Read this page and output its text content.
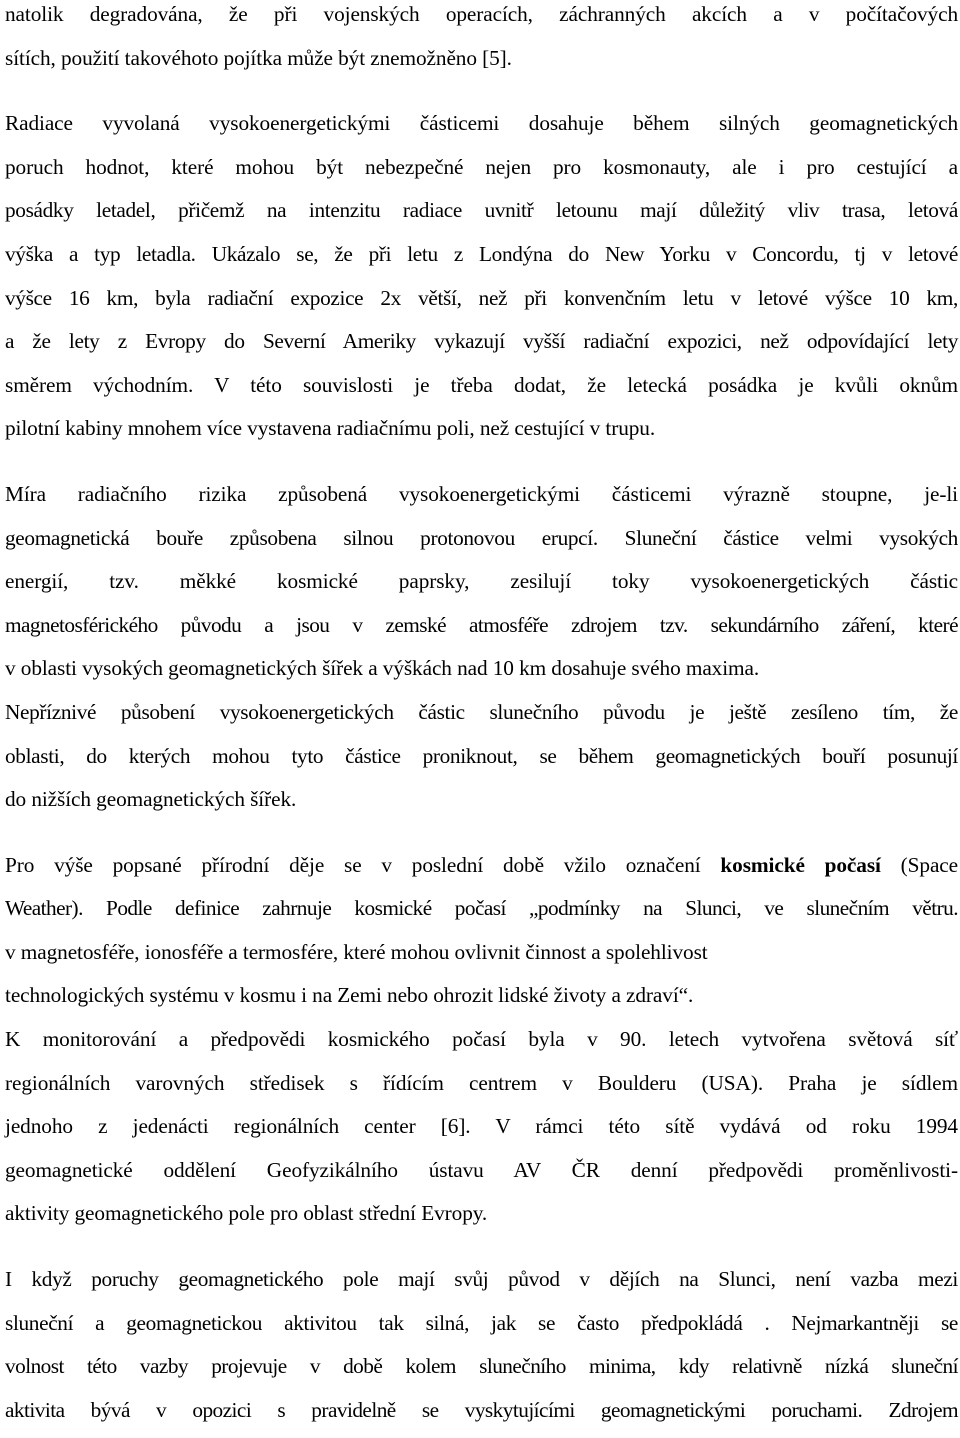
natolik degradována, že při vojenských operacích, záchranných akcích a v počítačových
sítích, použití takovéhoto pojítka může být znemožněno [5].
Radiace vyvolaná vysokoenergetickými částicemi dosahuje během silných geomagnetických
poruch hodnot, které mohou být nebezpečné nejen pro kosmonauty, ale i pro cestující a
posádky letadel, přičemž na intenzitu radiace uvnitř letounu mají důležitý vliv trasa, letová
výška a typ letadla. Ukázalo se, že při letu z Londýna do New Yorku v Concordu, tj v letové
výšce 16 km, byla radiační expozice 2x větší, než při konvenčním letu v letové výšce 10 km,
a že lety z Evropy do Severní Ameriky vykazují vyšší radiační expozici, než odpovídající lety
směrem východním. V této souvislosti je třeba dodat, že letecká posádka je kvůli oknům
pilotní kabiny mnohem více vystavena radiačnímu poli, než cestující v trupu.
Míra radiačního rizika způsobená vysokoenergetickými částicemi výrazně stoupne, je-li
geomagnetická bouře způsobena silnou protonovou erupcí. Sluneční částice velmi vysokých
energií, tzv. měkké kosmické paprsky, zesilují toky vysokoenergetických částic
magnetosférického původu a jsou v zemské atmosféře zdrojem tzv. sekundárního záření, které
v oblasti vysokých geomagnetických šířek a výškách nad 10 km dosahuje svého maxima.
Nepříznivé působení vysokoenergetických částic slunečního původu je ještě zesíleno tím, že
oblasti, do kterých mohou tyto částice proniknout, se během geomagnetických bouří posunují
do nižších geomagnetických šířek.
Pro výše popsané přírodní děje se v poslední době vžilo označení kosmické počasí (Space
Weather). Podle definice zahrnuje kosmické počasí „podmínky na Slunci, ve slunečním větru.
v magnetosféře, ionosféře a termosfére, které mohou ovlivnit činnost a spolehlivost
technologických systému v kosmu i na Zemi nebo ohrozit lidské životy a zdraví“.
K monitorování a předpovědi kosmického počasí byla v 90. letech vytvořena světová síť
regionálních varovných středisek s řídícím centrem v Boulderu (USA). Praha je sídlem
jednoho z jedenácti regionálních center [6]. V rámci této sítě vydává od roku 1994
geomagnetické oddělení Geofyzikálního ústavu AV ČR denní předpovědi proměnlivosti-
aktivity geomagnetického pole pro oblast střední Evropy.
I když poruchy geomagnetického pole mají svůj původ v dějích na Slunci, není vazba mezi
sluneční a geomagnetickou aktivitou tak silná, jak se často předpokládá . Nejmarkantněji se
volnost této vazby projevuje v době kolem slunečního minima, kdy relativně nízká sluneční
aktivita bývá v opozici s pravidelně se vyskytujícími geomagnetickými poruchami. Zdrojem
